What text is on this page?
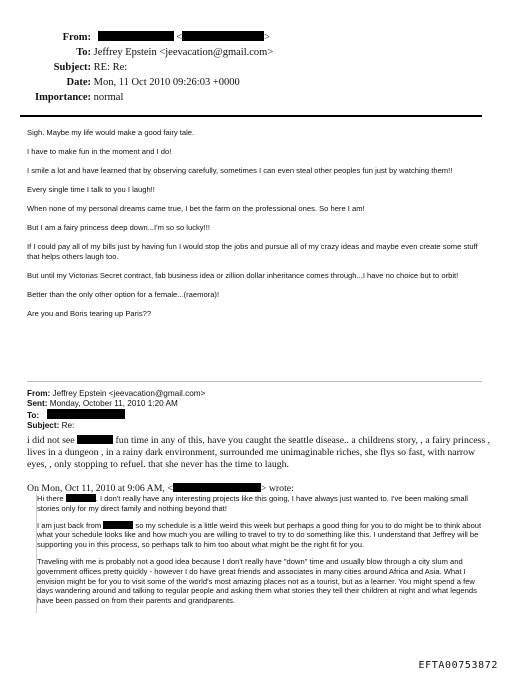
From:	<	>
To: Jeffrey Epstein <jeevacation@gmail.com>
Subject: RE: Re:
Date: Mon, 11 Oct 2010 09:26:03 +0000
Importance: normal

Sigh. Maybe my life would make a good fairy tale.

I have to make fun in the moment and I do!

I smile a lot and have learned that by observing carefully, sometimes I can even steal other peoples fun just by watching them!!

Every single time I talk to you I laugh!!

When none of my personal dreams came true, I bet the farm on the professional ones. So here I am!

But I am a fairy princess deep down...I'm so so lucky!!!

If I could pay all of my bills just by having fun I would stop the jobs and pursue all of my crazy ideas and maybe even create some stuff that helps others laugh too.

But until my Victorias Secret contract, fab business idea or zillion dollar inheritance comes through...I have no choice but to orbit!

Better than the only other option for a female...(raemora)!

Are you and Boris tearing up Paris??

From: Jeffrey Epstein <jeevacation@gmail.com>
Sent: Monday, October 11, 2010 1:20 AM
To:
Subject: Re:
i did not see	fun time in any of this, have you caught the seattle disease.. a childrens story, , a fairy princess , lives in a dungeon , in a rainy dark environment, surrounded me unimaginable riches, she flys so fast, with narrow eyes, , only stopping to refuel. that she never has the time to laugh.
On Mon, Oct 11, 2010 at 9:06 AM, <	> wrote:

Hi there	. I don't really have any interesting projects like this going, I have always just wanted to. I've been making small stories only for my direct family and nothing beyond that!

I am just back from	so my schedule is a little weird this week but perhaps a good thing for you to do might be to think about what your schedule looks like and how much you are willing to travel to try to do something like this. I understand that Jeffrey will be supporting you in this process, so perhaps talk to him too about what might be the right fit for you.

Traveling with me is probably not a good idea because I don't really have "down" time and usually blow through a city slum and government offices pretty quickly - however I do have great friends and associates in many cities around Africa and Asia. What I envision might be for you to visit some of the world's most amazing places not as a tourist, but as a learner. You might spend a few days wandering around and talking to regular people and asking them what stories they tell their children at night and what legends have been passed on from their parents and grandparents.

EFTA00753872
